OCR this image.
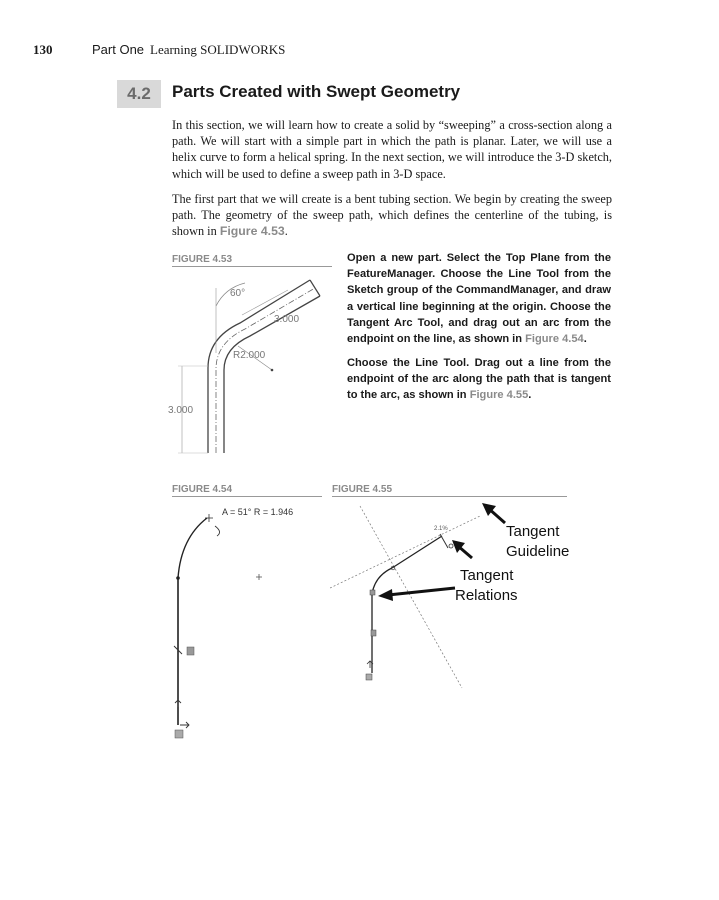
130	Part One Learning SOLIDWORKS
4.2	Parts Created with Swept Geometry
In this section, we will learn how to create a solid by “sweeping” a cross-section along a path. We will start with a simple part in which the path is planar. Later, we will use a helix curve to form a helical spring. In the next section, we will introduce the 3-D sketch, which will be used to define a sweep path in 3-D space.
The first part that we will create is a bent tubing section. We begin by creating the sweep path. The geometry of the sweep path, which defines the centerline of the tubing, is shown in Figure 4.53.
FIGURE 4.53
FIGURE 4.54	FIGURE 4.55
Open a new part. Select the Top Plane from the FeatureManager. Choose the Line Tool from the Sketch group of the CommandManager, and draw a vertical line beginning at the origin. Choose the Tangent Arc Tool, and drag out an arc from the endpoint on the line, as shown in Figure 4.54.
Choose the Line Tool. Drag out a line from the endpoint of the arc along the path that is tangent to the arc, as shown in Figure 4.55.
60°
3.000
R2.000
3.000
A = 51° R = 1.946
2.1%	Tangent
Guideline
Tangent
Relations
